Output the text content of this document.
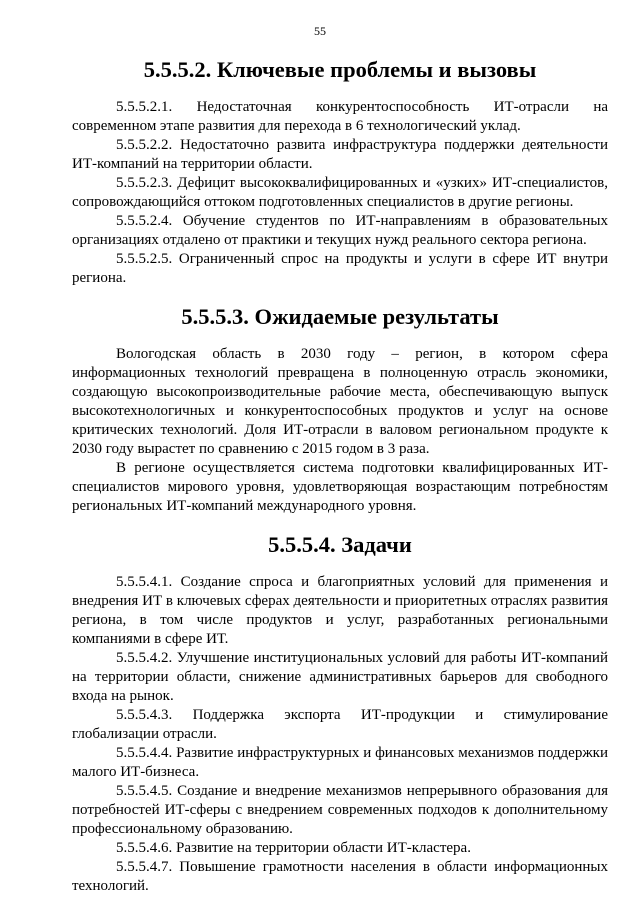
55
5.5.5.2. Ключевые проблемы и вызовы

5.5.5.2.1. Недостаточная конкурентоспособность ИТ-отрасли на современном этапе развития для перехода в 6 технологический уклад.

5.5.5.2.2. Недостаточно развита инфраструктура поддержки деятельности ИТ-компаний на территории области.

5.5.5.2.3. Дефицит высококвалифицированных и «узких» ИТ-специалистов, сопровождающийся оттоком подготовленных специалистов в другие регионы.

5.5.5.2.4. Обучение студентов по ИТ-направлениям в образовательных организациях отдалено от практики и текущих нужд реального сектора региона.

5.5.5.2.5. Ограниченный спрос на продукты и услуги в сфере ИТ внутри региона.

5.5.5.3. Ожидаемые результаты

Вологодская область в 2030 году – регион, в котором сфера информационных технологий превращена в полноценную отрасль экономики, создающую высокопроизводительные рабочие места, обеспечивающую выпуск высокотехнологичных и конкурентоспособных продуктов и услуг на основе критических технологий. Доля ИТ-отрасли в валовом региональном продукте к 2030 году вырастет по сравнению с 2015 годом в 3 раза.

В регионе осуществляется система подготовки квалифицированных ИТ-специалистов мирового уровня, удовлетворяющая возрастающим потребностям региональных ИТ-компаний международного уровня.

5.5.5.4. Задачи

5.5.5.4.1. Создание спроса и благоприятных условий для применения и внедрения ИТ в ключевых сферах деятельности и приоритетных отраслях развития региона, в том числе продуктов и услуг, разработанных региональными компаниями в сфере ИТ.

5.5.5.4.2. Улучшение институциональных условий для работы ИТ-компаний на территории области, снижение административных барьеров для свободного входа на рынок.

5.5.5.4.3. Поддержка экспорта ИТ-продукции и стимулирование глобализации отрасли.

5.5.5.4.4. Развитие инфраструктурных и финансовых механизмов поддержки малого ИТ-бизнеса.

5.5.5.4.5. Создание и внедрение механизмов непрерывного образования для потребностей ИТ-сферы с внедрением современных подходов к дополнительному профессиональному образованию.

5.5.5.4.6. Развитие на территории области ИТ-кластера.

5.5.5.4.7. Повышение грамотности населения в области информационных технологий.
